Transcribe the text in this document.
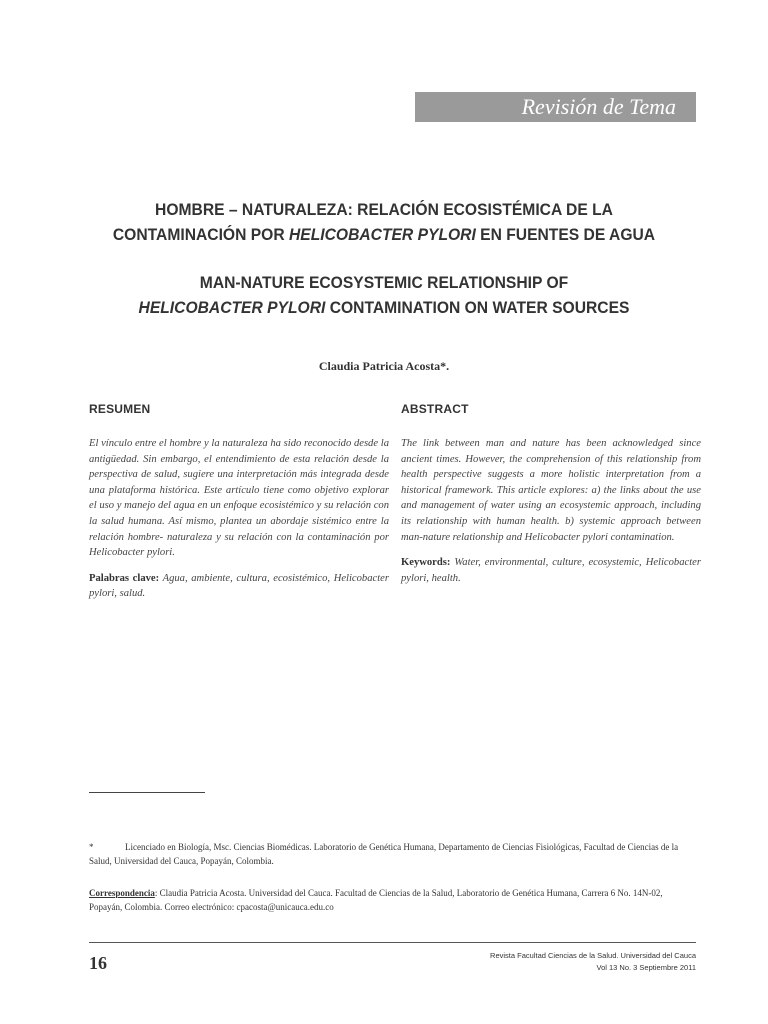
Revisión de Tema
HOMBRE – NATURALEZA: RELACIÓN ECOSISTÉMICA DE LA
CONTAMINACIÓN POR HELICOBACTER PYLORI EN FUENTES DE AGUA
MAN-NATURE ECOSYSTEMIC RELATIONSHIP OF
HELICOBACTER PYLORI CONTAMINATION ON WATER SOURCES
Claudia Patricia Acosta*.
RESUMEN

El vínculo entre el hombre y la naturaleza ha sido reconocido desde la antigüedad. Sin embargo, el entendimiento de esta relación desde la perspectiva de salud, sugiere una interpretación más integrada desde una plataforma histórica. Este artículo tiene como objetivo explorar el uso y manejo del agua en un enfoque ecosistémico y su relación con la salud humana. Así mismo, plantea un abordaje sistémico entre la relación hombre- naturaleza y su relación con la contaminación por Helicobacter pylori.

Palabras clave: Agua, ambiente, cultura, ecosistémico, Helicobacter pylori, salud.
ABSTRACT

The link between man and nature has been acknowledged since ancient times. However, the comprehension of this relationship from health perspective suggests a more holistic interpretation from a historical framework. This article explores: a) the links about the use and management of water using an ecosystemic approach, including its relationship with human health. b) systemic approach between man-nature relationship and Helicobacter pylori contamination.

Keywords: Water, environmental, culture, ecosystemic, Helicobacter pylori, health.
*	Licenciado en Biología, Msc. Ciencias Biomédicas. Laboratorio de Genética Humana, Departamento de Ciencias Fisiológicas, Facultad de Ciencias de la Salud, Universidad del Cauca, Popayán, Colombia.
Correspondencia: Claudia Patricia Acosta. Universidad del Cauca. Facultad de Ciencias de la Salud, Laboratorio de Genética Humana, Carrera 6 No. 14N-02, Popayán, Colombia. Correo electrónico: cpacosta@unicauca.edu.co
16	Revista Facultad Ciencias de la Salud. Universidad del Cauca
Vol 13 No. 3 Septiembre 2011
